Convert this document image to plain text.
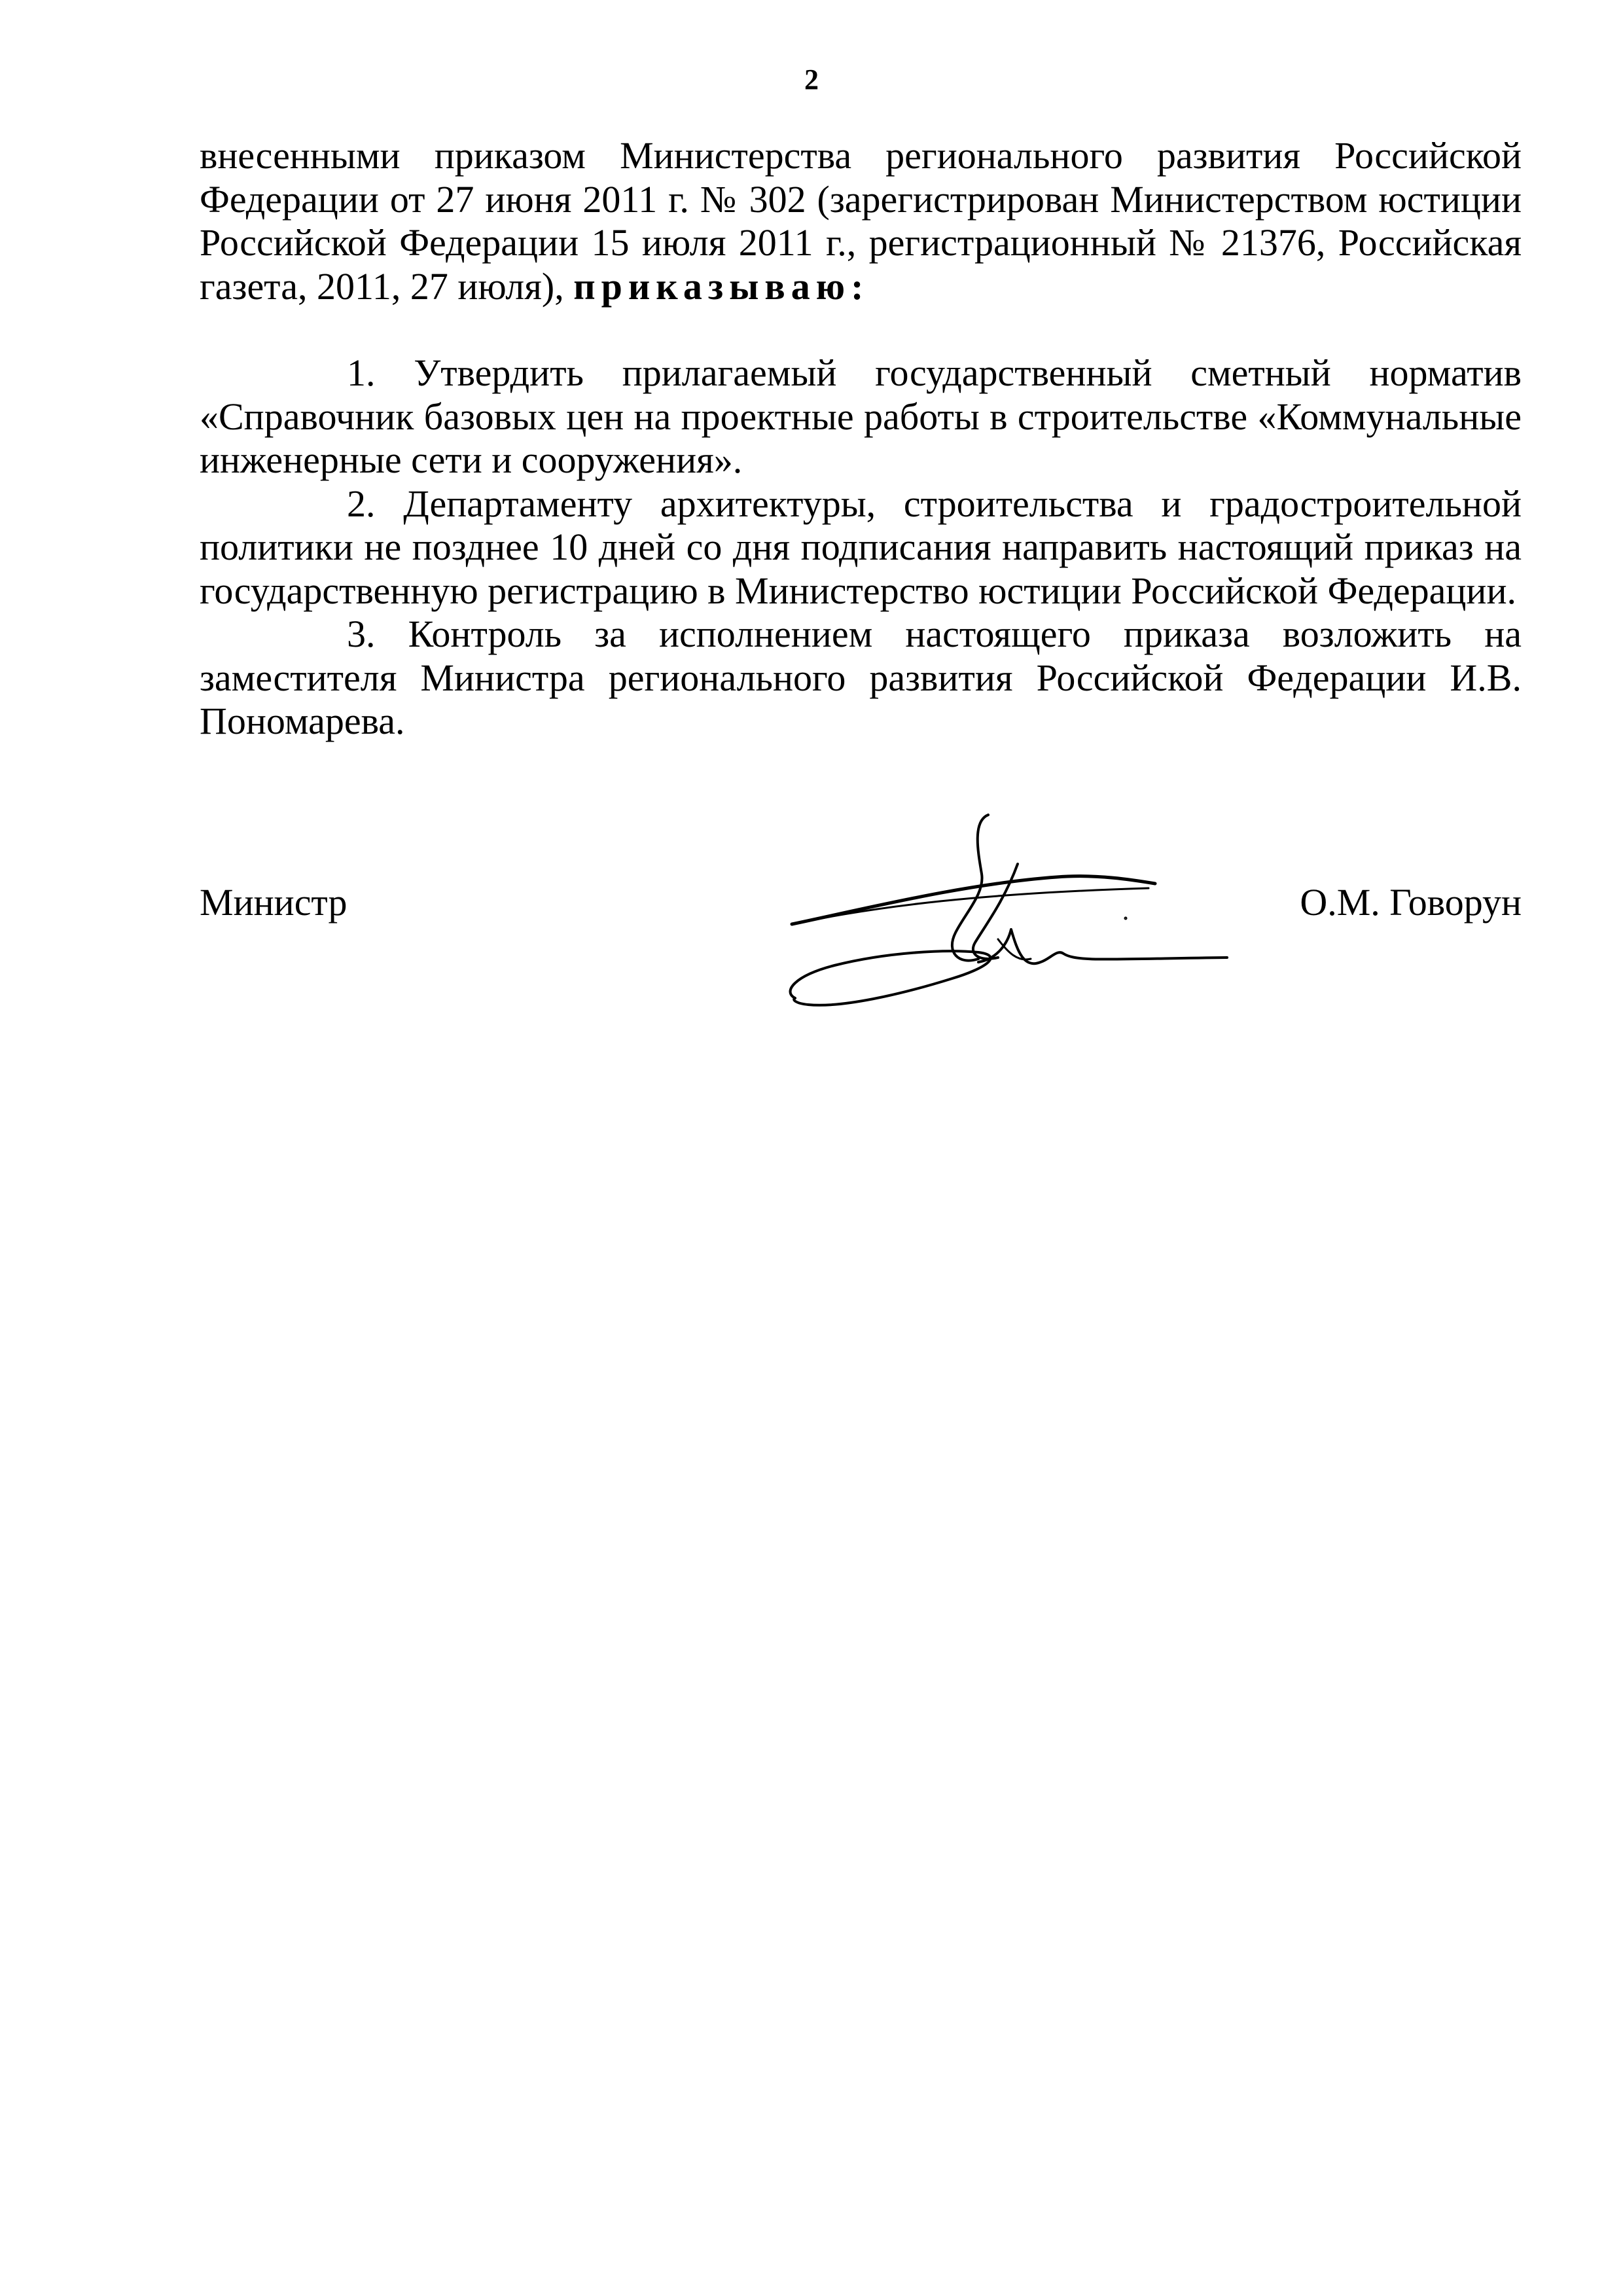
2

внесенными приказом Министерства регионального развития Российской Федерации от 27 июня 2011 г. № 302 (зарегистрирован Министерством юстиции Российской Федерации 15 июля 2011 г., регистрационный № 21376, Российская газета, 2011, 27 июля), приказываю:

1. Утвердить прилагаемый государственный сметный норматив «Справочник базовых цен на проектные работы в строительстве «Коммунальные инженерные сети и сооружения».

2. Департаменту архитектуры, строительства и градостроительной политики не позднее 10 дней со дня подписания направить настоящий приказ на государственную регистрацию в Министерство юстиции Российской Федерации.

3. Контроль за исполнением настоящего приказа возложить на заместителя Министра регионального развития Российской Федерации И.В. Пономарева.

Министр	О.М. Говорун
